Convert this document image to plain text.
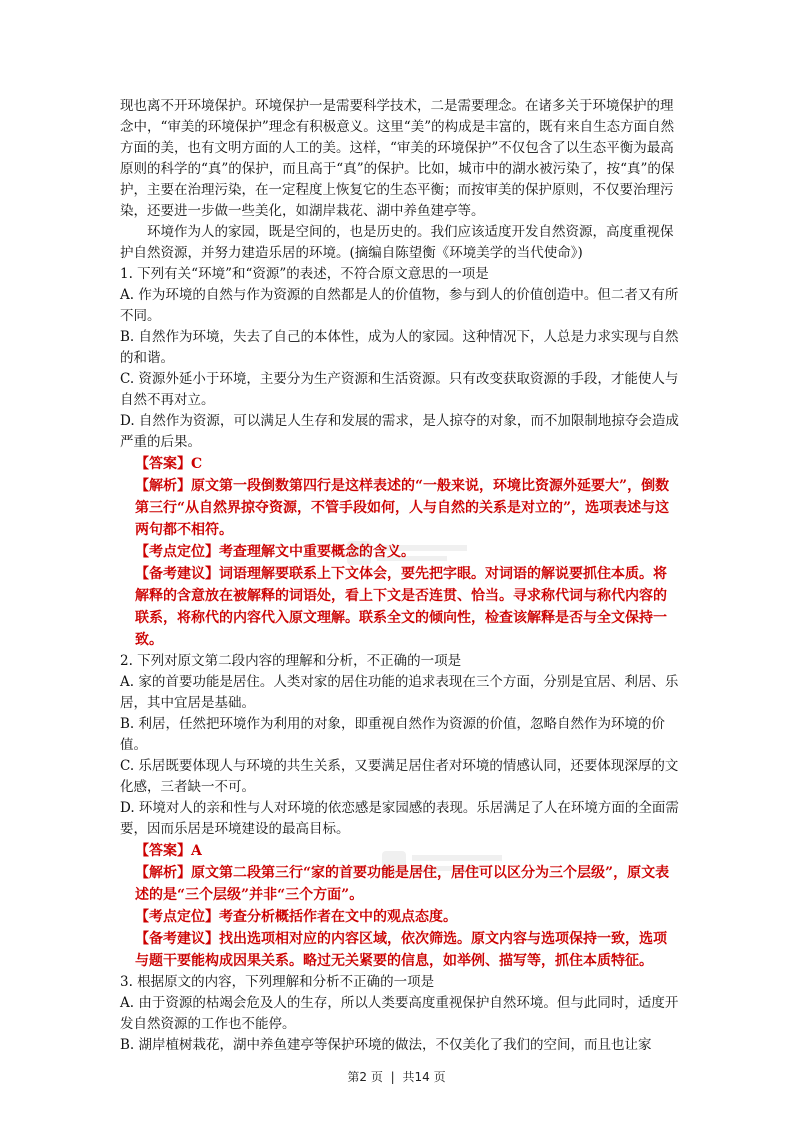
现也离不开环境保护。环境保护一是需要科学技术，二是需要理念。在诸多关于环境保护的理念中，“审美的环境保护”理念有积极意义。这里“美”的构成是丰富的，既有来自生态方面自然方面的美，也有文明方面的人工的美。这样，“审美的环境保护”不仅包含了以生态平衡为最高原则的科学的“真”的保护，而且高于“真”的保护。比如，城市中的湖水被污染了，按“真”的保护，主要在治理污染，在一定程度上恢复它的生态平衡；而按审美的保护原则，不仅要治理污染，还要进一步做一些美化，如湖岸栽花、湖中养鱼建亭等。

环境作为人的家园，既是空间的，也是历史的。我们应该适度开发自然资源，高度重视保护自然资源，并努力建造乐居的环境。(摘编自陈望衡《环境美学的当代使命》)

1. 下列有关“环境”和“资源”的表述，不符合原文意思的一项是

A. 作为环境的自然与作为资源的自然都是人的价值物，参与到人的价值创造中。但二者又有所不同。

B. 自然作为环境，失去了自己的本体性，成为人的家园。这种情况下，人总是力求实现与自然的和谐。

C. 资源外延小于环境，主要分为生产资源和生活资源。只有改变获取资源的手段，才能使人与自然不再对立。

D. 自然作为资源，可以满足人生存和发展的需求，是人掠夺的对象，而不加限制地掠夺会造成严重的后果。

【答案】C

【解析】原文第一段倒数第四行是这样表述的“一般来说，环境比资源外延要大”，倒数第三行“从自然界掠夺资源，不管手段如何，人与自然的关系是对立的”，选项表述与这两句都不相符。

【考点定位】考查理解文中重要概念的含义。

【备考建议】词语理解要联系上下文体会，要先把字眼。对词语的解说要抓住本质。将解释的含意放在被解释的词语处，看上下文是否连贯、恰当。寻求称代词与称代内容的联系，将称代的内容代入原文理解。联系全文的倾向性，检查该解释是否与全文保持一致。

2. 下列对原文第二段内容的理解和分析，不正确的一项是

A. 家的首要功能是居住。人类对家的居住功能的追求表现在三个方面，分别是宜居、利居、乐居，其中宜居是基础。

B. 利居，任然把环境作为利用的对象，即重视自然作为资源的价值，忽略自然作为环境的价值。

C. 乐居既要体现人与环境的共生关系，又要满足居住者对环境的情感认同，还要体现深厚的文化感，三者缺一不可。

D. 环境对人的亲和性与人对环境的依恋感是家园感的表现。乐居满足了人在环境方面的全面需要，因而乐居是环境建设的最高目标。

【答案】A

【解析】原文第二段第三行“家的首要功能是居住，居住可以区分为三个层级”，原文表述的是“三个层级”并非“三个方面”。

【考点定位】考查分析概括作者在文中的观点态度。

【备考建议】找出选项相对应的内容区域，依次筛选。原文内容与选项保持一致，选项与题干要能构成因果关系。略过无关紧要的信息，如举例、描写等，抓住本质特征。

3. 根据原文的内容，下列理解和分析不正确的一项是

A. 由于资源的枯竭会危及人的生存，所以人类要高度重视保护自然环境。但与此同时，适度开发自然资源的工作也不能停。

B. 湖岸植树栽花，湖中养鱼建亭等保护环境的做法，不仅美化了我们的空间，而且也让家

第2 页 | 共14 页
